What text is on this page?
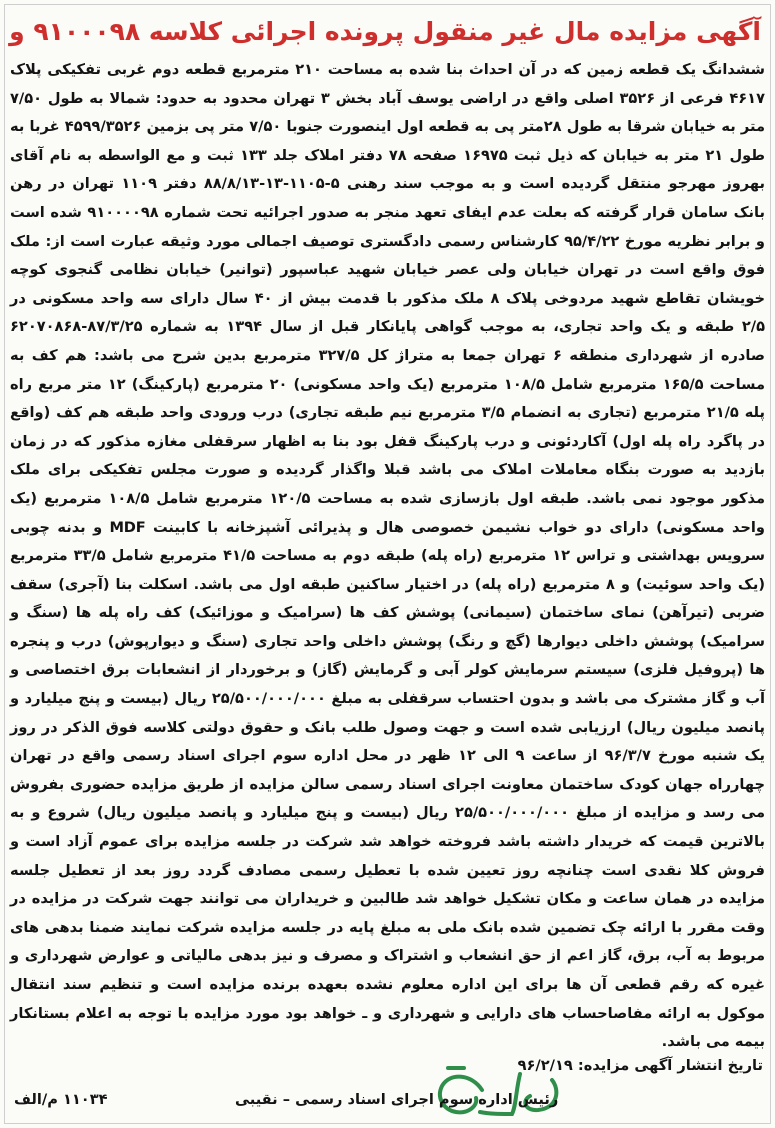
آگهی مزایده مال غیر منقول پرونده اجرائی کلاسه ۹۱۰۰۰۹۸ و
ششدانگ یک قطعه زمین که در آن احداث بنا شده به مساحت ۲۱۰ مترمربع قطعه دوم غربی تفکیکی پلاک ۴۶۱۷ فرعی از ۳۵۲۶ اصلی واقع در اراضی یوسف آباد بخش ۳ تهران محدود به حدود: شمالا به طول ۷/۵۰ متر به خیابان شرقا به طول ۲۸متر پی به قطعه اول اینصورت جنوبا ۷/۵۰ متر پی بزمین ۴۵۹۹/۳۵۲۶ غربا به طول ۲۱ متر به خیابان که ذیل ثبت ۱۶۹۷۵ صفحه ۷۸ دفتر املاک جلد ۱۳۳ ثبت و مع الواسطه به نام آقای بهروز مهرجو منتقل گردیده است و به موجب سند رهنی ۵-۱۱۰۵-۱۳-۸۸/۸/۱۳ دفتر ۱۱۰۹ تهران در رهن بانک سامان قرار گرفته که بعلت عدم ایفای تعهد منجر به صدور اجرائیه تحت شماره ۹۱۰۰۰۰۹۸ شده است و برابر نظریه مورخ ۹۵/۴/۲۲ کارشناس رسمی دادگستری توصیف اجمالی مورد وثیقه عبارت است از: ملک فوق واقع است در تهران خیابان ولی عصر خیابان شهید عباسپور (توانیر) خیابان نظامی گنجوی کوچه خویشان تقاطع شهید مردوخی پلاک ۸ ملک مذکور با قدمت بیش از ۴۰ سال دارای سه واحد مسکونی در ۲/۵ طبقه و یک واحد تجاری، به موجب گواهی پایانکار قبل از سال ۱۳۹۴ به شماره ۸۷/۳/۲۵-۶۲۰۷۰۸۶۸ صادره از شهرداری منطقه ۶ تهران جمعا به متراژ کل ۳۲۷/۵ مترمربع بدین شرح می باشد: هم کف به مساحت ۱۶۵/۵ مترمربع شامل ۱۰۸/۵ مترمربع (یک واحد مسکونی) ۲۰ مترمربع (پارکینگ) ۱۲ متر مربع راه پله ۲۱/۵ مترمربع (تجاری به انضمام ۳/۵ مترمربع نیم طبقه تجاری) درب ورودی واحد طبقه هم کف (واقع در پاگرد راه پله اول) آکاردئونی و درب پارکینگ قفل بود بنا به اظهار سرقفلی مغازه مذکور که در زمان بازدید به صورت بنگاه معاملات املاک می باشد قبلا واگذار گردیده و صورت مجلس تفکیکی برای ملک مذکور موجود نمی باشد. طبقه اول بازسازی شده به مساحت ۱۲۰/۵ مترمربع شامل ۱۰۸/۵ مترمربع (یک واحد مسکونی) دارای دو خواب نشیمن خصوصی هال و پذیرائی آشپزخانه با کابینت MDF و بدنه چوبی سرویس بهداشتی و تراس ۱۲ مترمربع (راه پله) طبقه دوم به مساحت ۴۱/۵ مترمربع شامل ۳۳/۵ مترمربع (یک واحد سوئیت) و ۸ مترمربع (راه پله) در اختیار ساکنین طبقه اول می باشد. اسکلت بنا (آجری) سقف ضربی (تیرآهن) نمای ساختمان (سیمانی) پوشش کف ها (سرامیک و موزائیک) کف راه پله ها (سنگ و سرامیک) پوشش داخلی دیوارها (گچ و رنگ) پوشش داخلی واحد تجاری (سنگ و دیوارپوش) درب و پنجره ها (پروفیل فلزی) سیستم سرمایش کولر آبی و گرمایش (گاز) و برخوردار از انشعابات برق اختصاصی و آب و گاز مشترک می باشد و بدون احتساب سرقفلی به مبلغ ۲۵/۵۰۰/۰۰۰/۰۰۰ ریال (بیست و پنج میلیارد و پانصد میلیون ریال) ارزیابی شده است و جهت وصول طلب بانک و حقوق دولتی کلاسه فوق الذکر در روز یک شنبه مورخ ۹۶/۳/۷ از ساعت ۹ الی ۱۲ ظهر در محل اداره سوم اجرای اسناد رسمی واقع در تهران چهارراه جهان کودک ساختمان معاونت اجرای اسناد رسمی سالن مزایده از طریق مزایده حضوری بفروش می رسد و مزایده از مبلغ ۲۵/۵۰۰/۰۰۰/۰۰۰ ریال (بیست و پنج میلیارد و پانصد میلیون ریال) شروع و به بالاترین قیمت که خریدار داشته باشد فروخته خواهد شد شرکت در جلسه مزایده برای عموم آزاد است و فروش کلا نقدی است چنانچه روز تعیین شده با تعطیل رسمی مصادف گردد روز بعد از تعطیل جلسه مزایده در همان ساعت و مکان تشکیل خواهد شد طالبین و خریداران می توانند جهت شرکت در مزایده در وقت مقرر با ارائه چک تضمین شده بانک ملی به مبلغ پایه در جلسه مزایده شرکت نمایند ضمنا بدهی های مربوط به آب، برق، گاز اعم از حق انشعاب و اشتراک و مصرف و نیز بدهی مالیاتی و عوارض شهرداری و غیره که رقم قطعی آن ها برای این اداره معلوم نشده بعهده برنده مزایده است و تنظیم سند انتقال موکول به ارائه مفاصاحساب های دارایی و شهرداری و ـ خواهد بود مورد مزایده با توجه به اعلام بستانکار بیمه می باشد.
تاریخ انتشار آگهی مزایده: ۹۶/۲/۱۹
رئیس اداره سوم اجرای اسناد رسمی – نقیبی
۱۱۰۳۴ م/الف
